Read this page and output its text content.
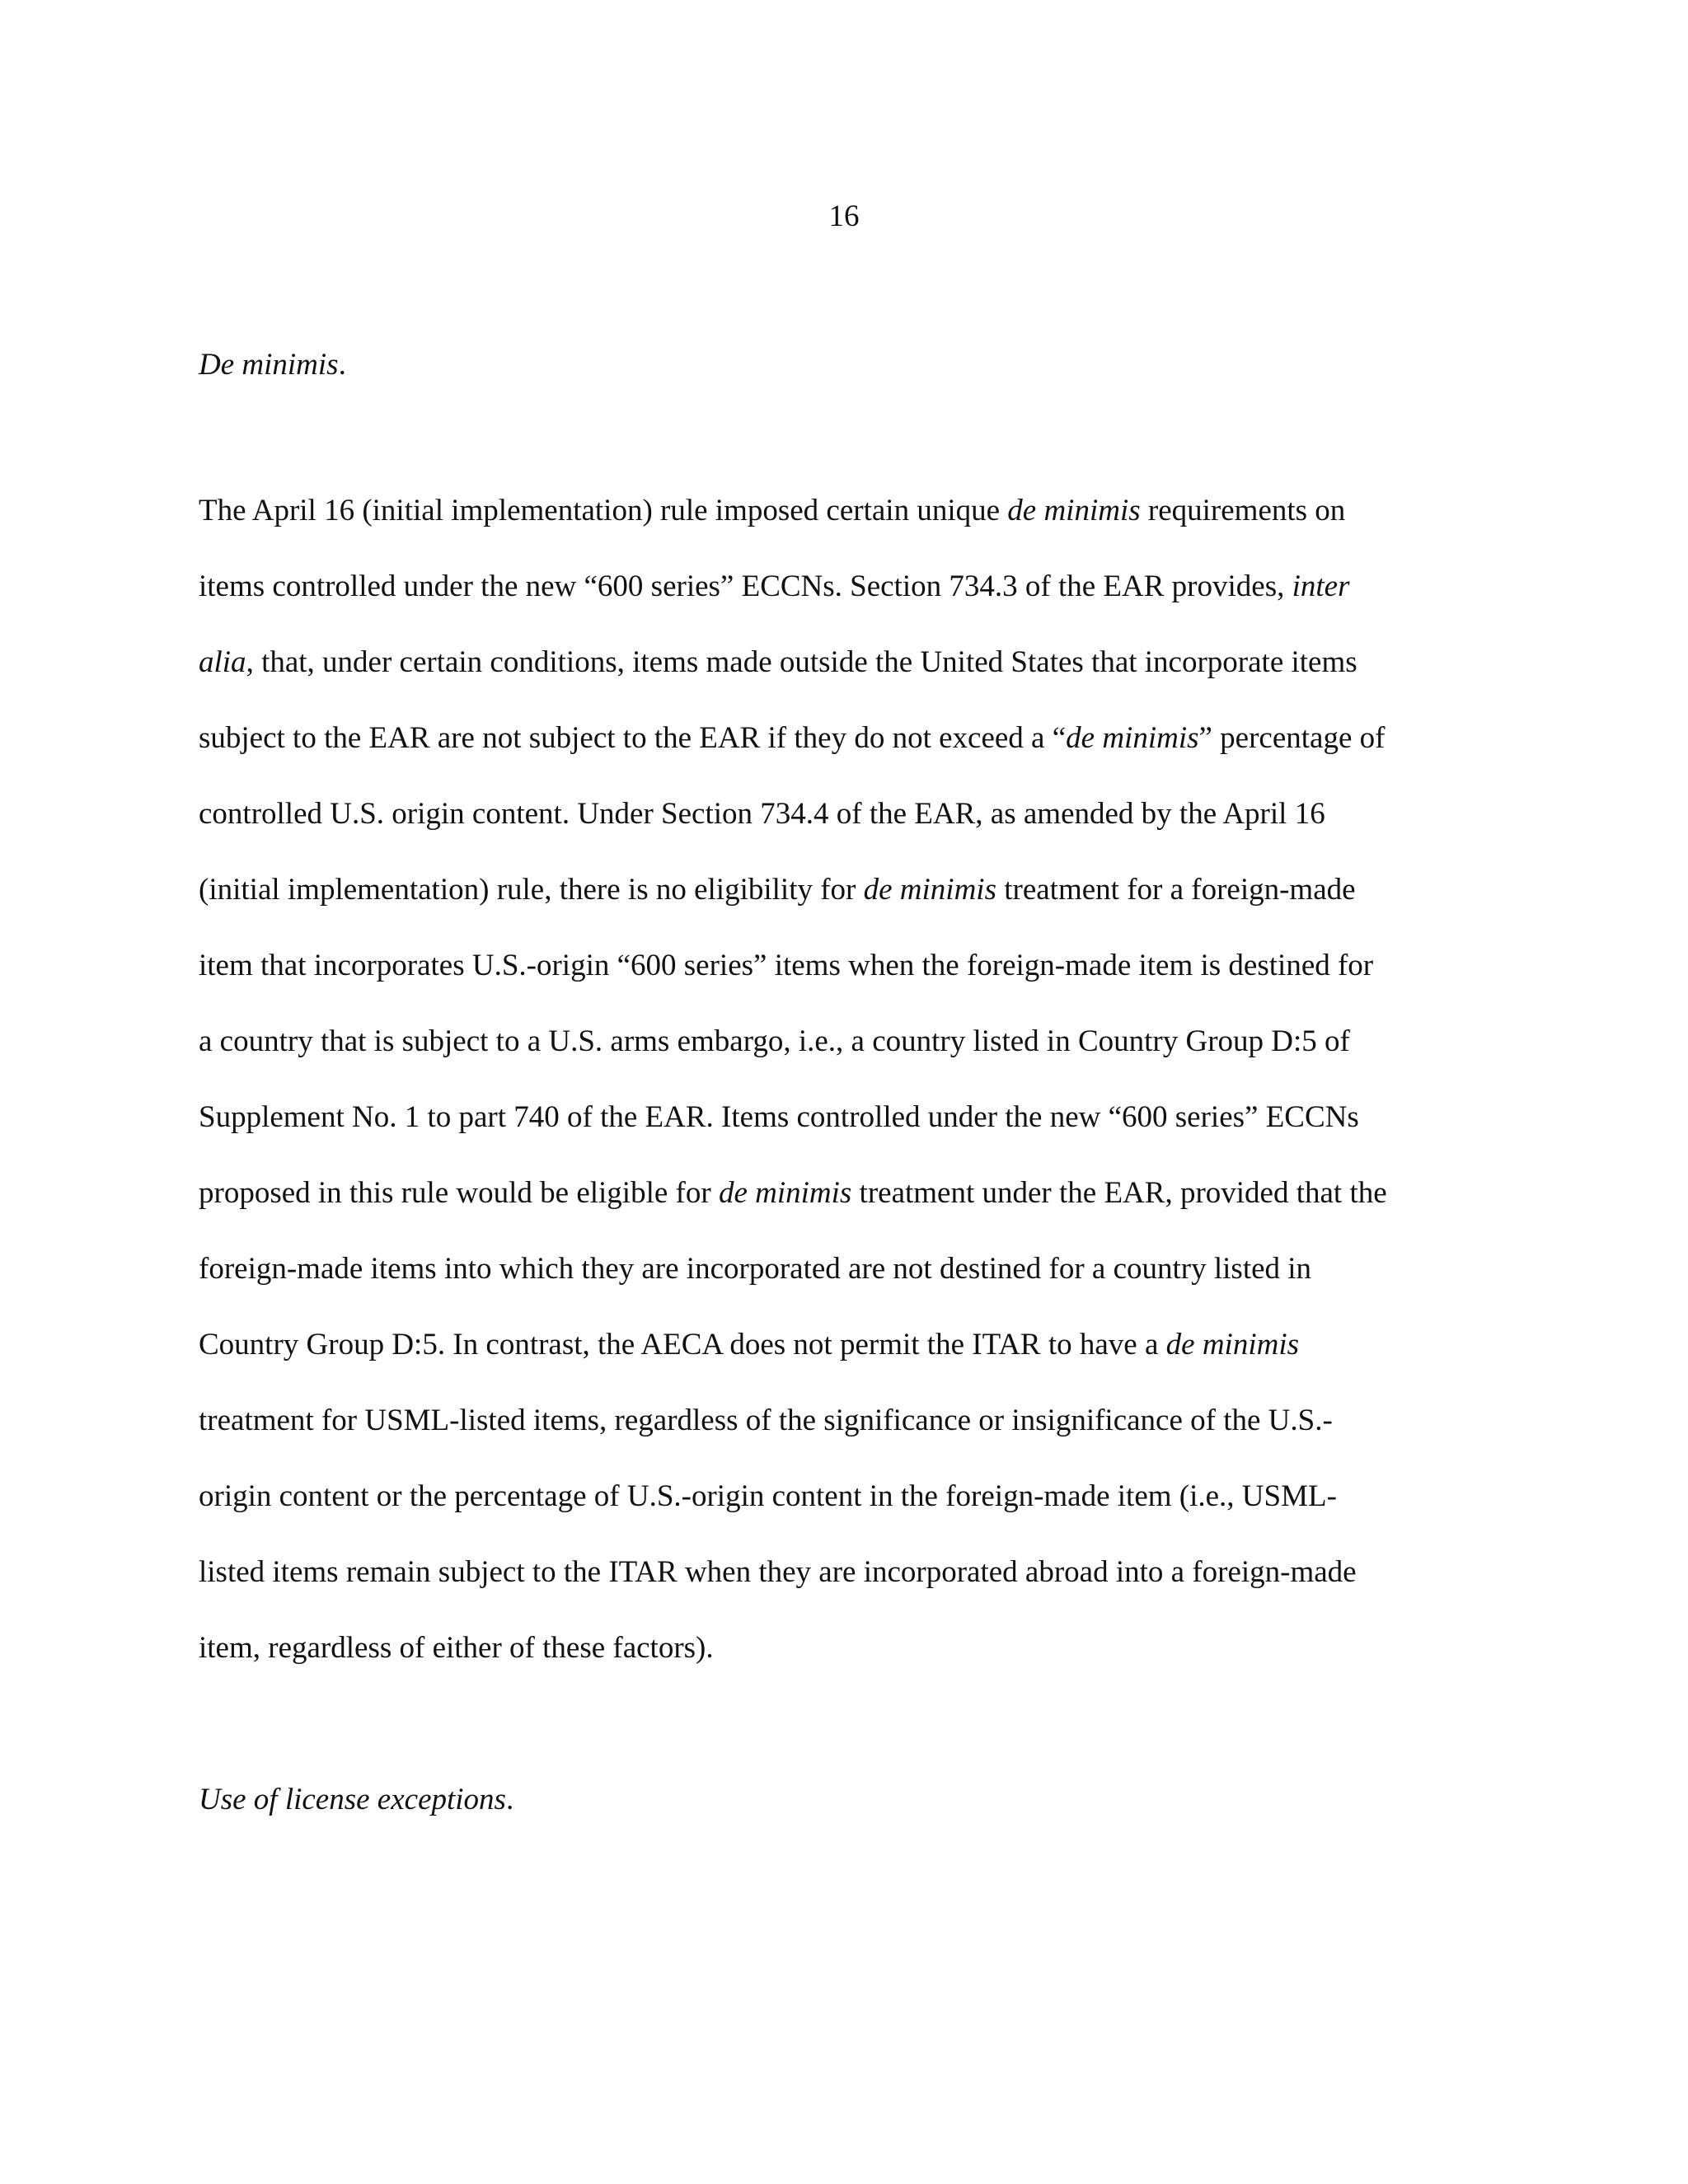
16
De minimis.
The April 16 (initial implementation) rule imposed certain unique de minimis requirements on
items controlled under the new “600 series” ECCNs. Section 734.3 of the EAR provides, inter
alia, that, under certain conditions, items made outside the United States that incorporate items
subject to the EAR are not subject to the EAR if they do not exceed a “de minimis” percentage of
controlled U.S. origin content. Under Section 734.4 of the EAR, as amended by the April 16
(initial implementation) rule, there is no eligibility for de minimis treatment for a foreign-made
item that incorporates U.S.-origin “600 series” items when the foreign-made item is destined for
a country that is subject to a U.S. arms embargo, i.e., a country listed in Country Group D:5 of
Supplement No. 1 to part 740 of the EAR. Items controlled under the new “600 series” ECCNs
proposed in this rule would be eligible for de minimis treatment under the EAR, provided that the
foreign-made items into which they are incorporated are not destined for a country listed in
Country Group D:5. In contrast, the AECA does not permit the ITAR to have a de minimis
treatment for USML-listed items, regardless of the significance or insignificance of the U.S.-
origin content or the percentage of U.S.-origin content in the foreign-made item (i.e., USML-
listed items remain subject to the ITAR when they are incorporated abroad into a foreign-made
item, regardless of either of these factors).
Use of license exceptions.
